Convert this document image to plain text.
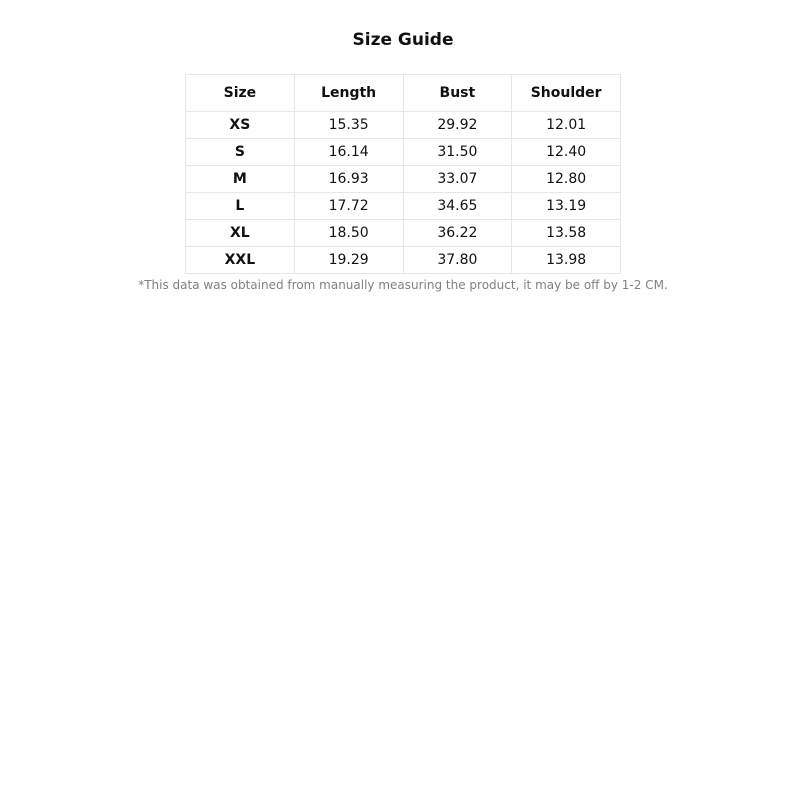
Size Guide
Size	Length	Bust	Shoulder
XS	15.35	29.92	12.01
S	16.14	31.50	12.40
M	16.93	33.07	12.80
L	17.72	34.65	13.19
XL	18.50	36.22	13.58
XXL	19.29	37.80	13.98

*This data was obtained from manually measuring the product, it may be off by 1-2 CM.
